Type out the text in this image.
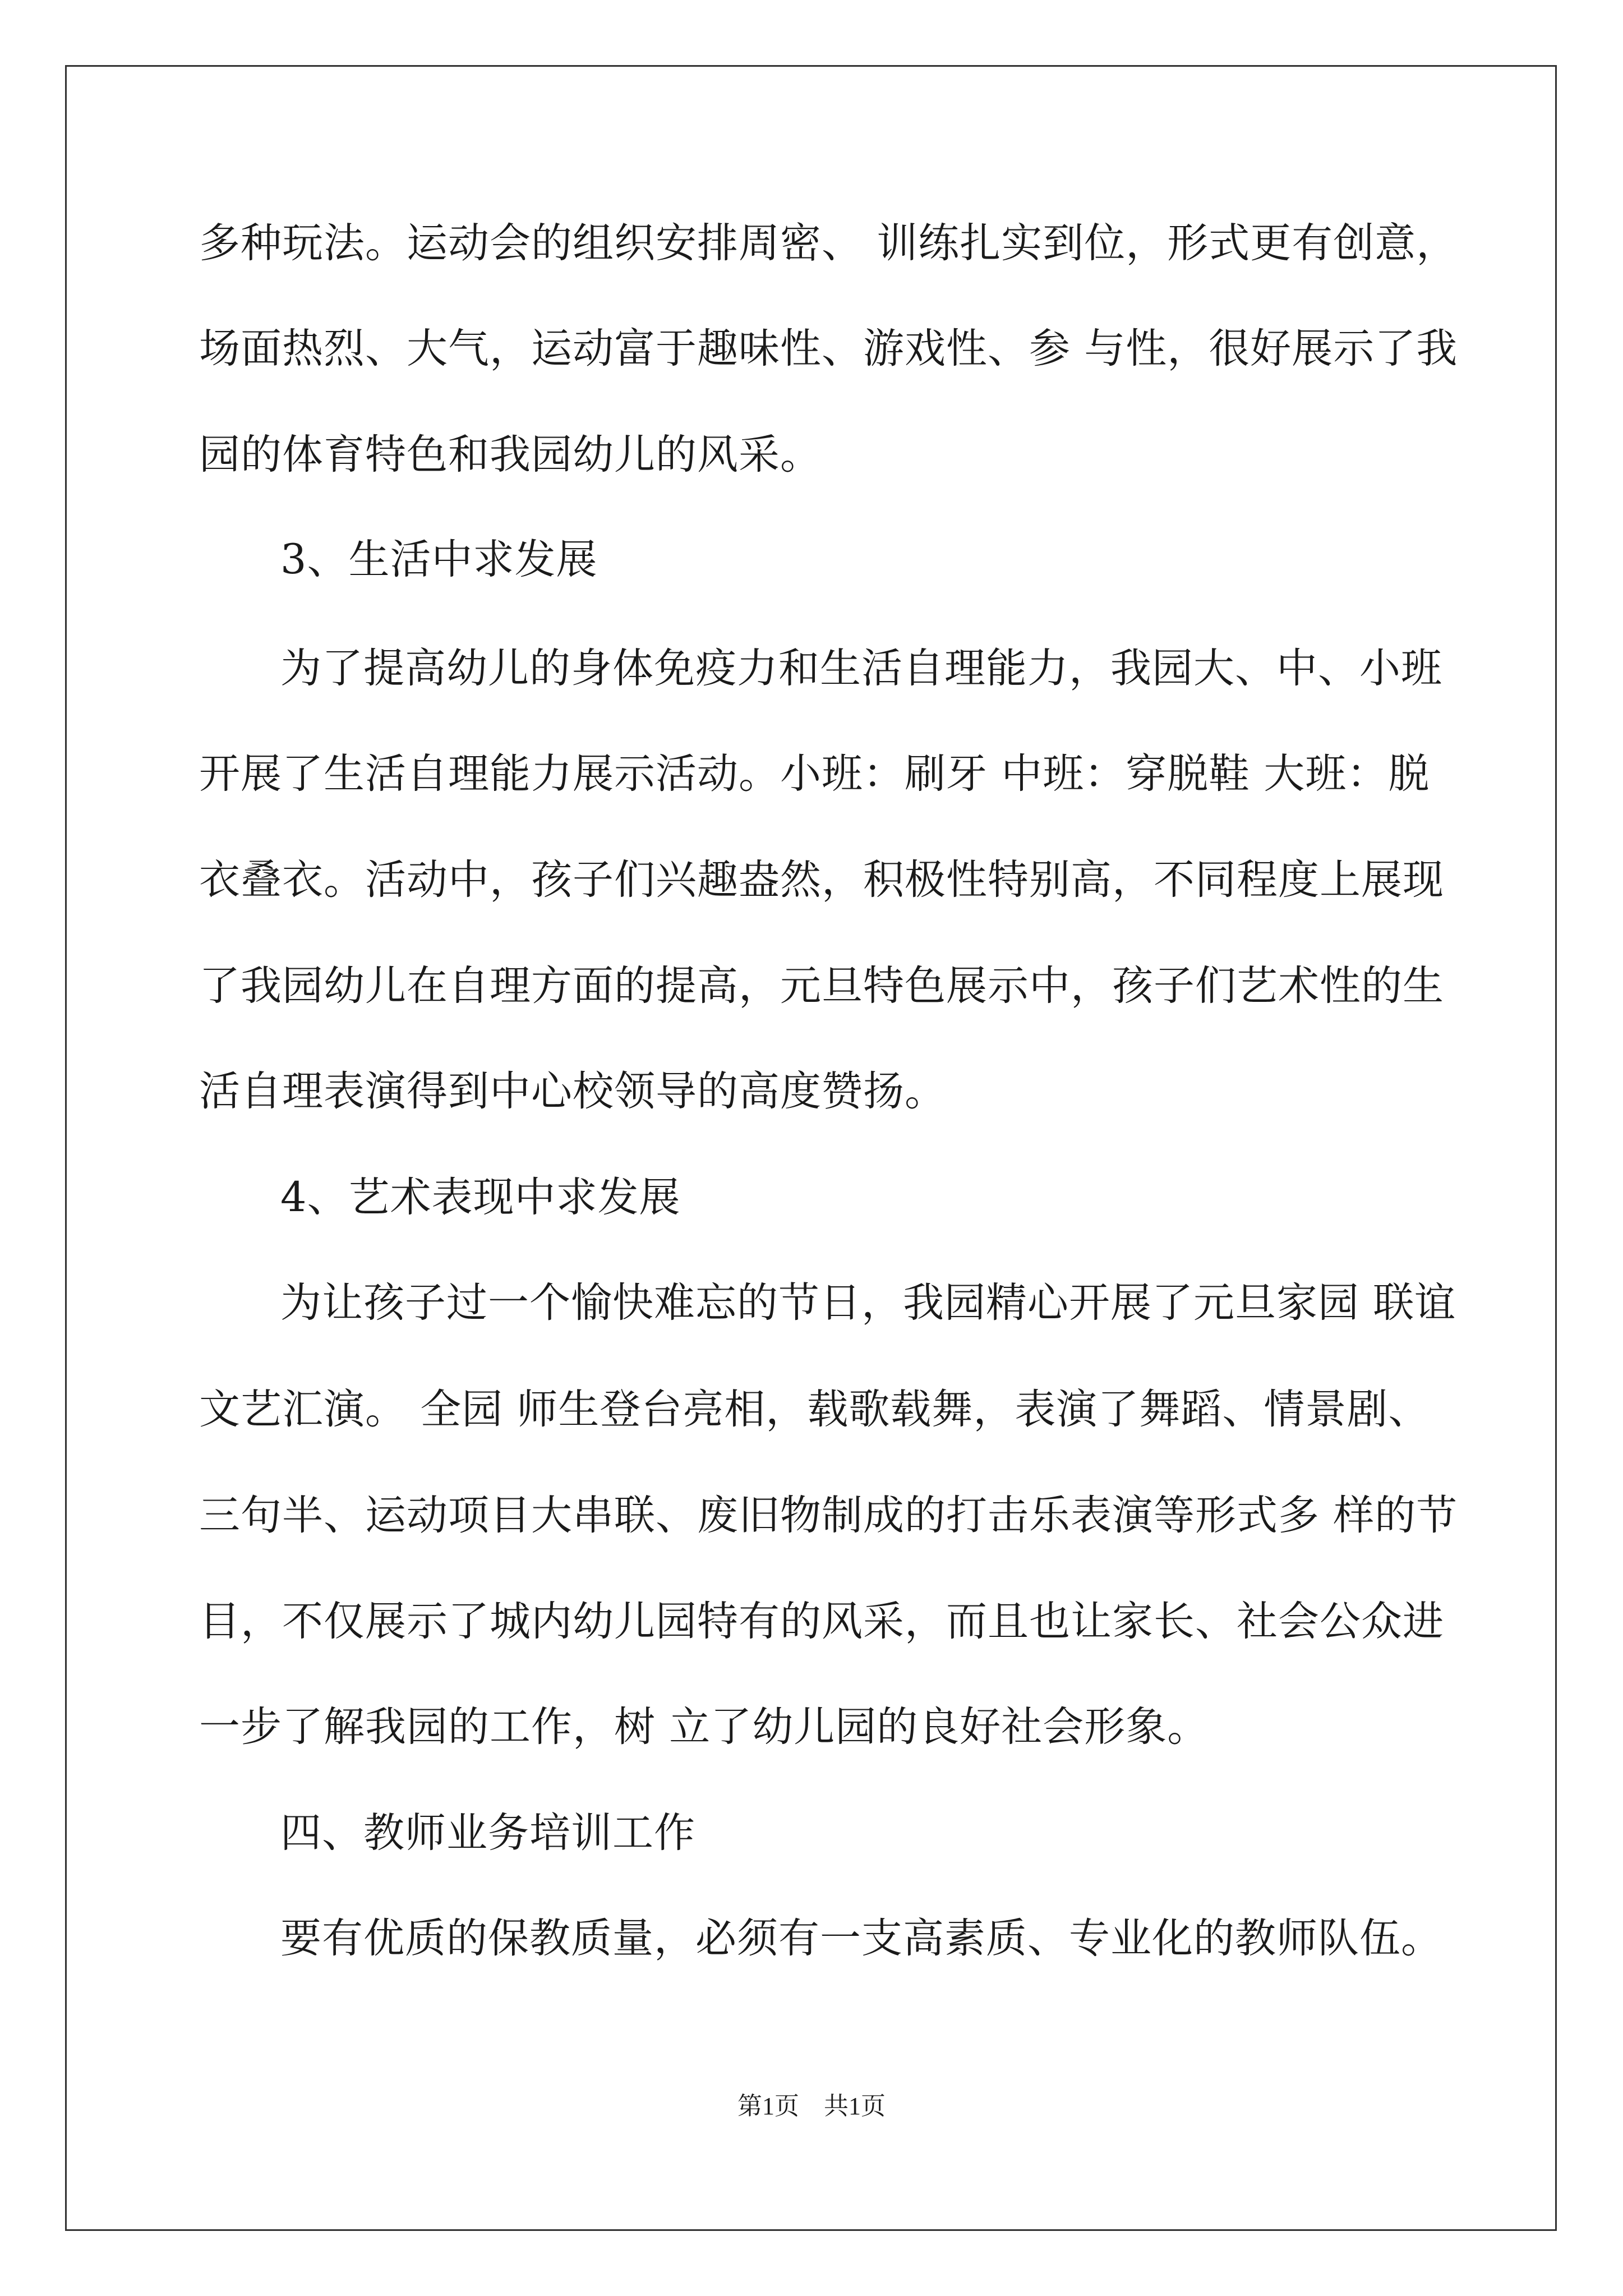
多种玩法。运动会的组织安排周密、 训练扎实到位，形式更有创意，
场面热烈、大气，运动富于趣味性、游戏性、参 与性，很好展示了我
园的体育特色和我园幼儿的风采。
3、生活中求发展
为了提高幼儿的身体免疫力和生活自理能力，我园大、中、小班
开展了生活自理能力展示活动。小班：刷牙 中班：穿脱鞋 大班：脱
衣叠衣。活动中，孩子们兴趣盎然，积极性特别高，不同程度上展现
了我园幼儿在自理方面的提高，元旦特色展示中，孩子们艺术性的生
活自理表演得到中心校领导的高度赞扬。
4、艺术表现中求发展
为让孩子过一个愉快难忘的节日，我园精心开展了元旦家园 联谊
文艺汇演。 全园 师生登台亮相，载歌载舞，表演了舞蹈、情景剧、
三句半、运动项目大串联、废旧物制成的打击乐表演等形式多 样的节
目，不仅展示了城内幼儿园特有的风采，而且也让家长、社会公众进
一步了解我园的工作，树 立了幼儿园的良好社会形象。
四、教师业务培训工作
要有优质的保教质量，必须有一支高素质、专业化的教师队伍。
第1页　共1页
